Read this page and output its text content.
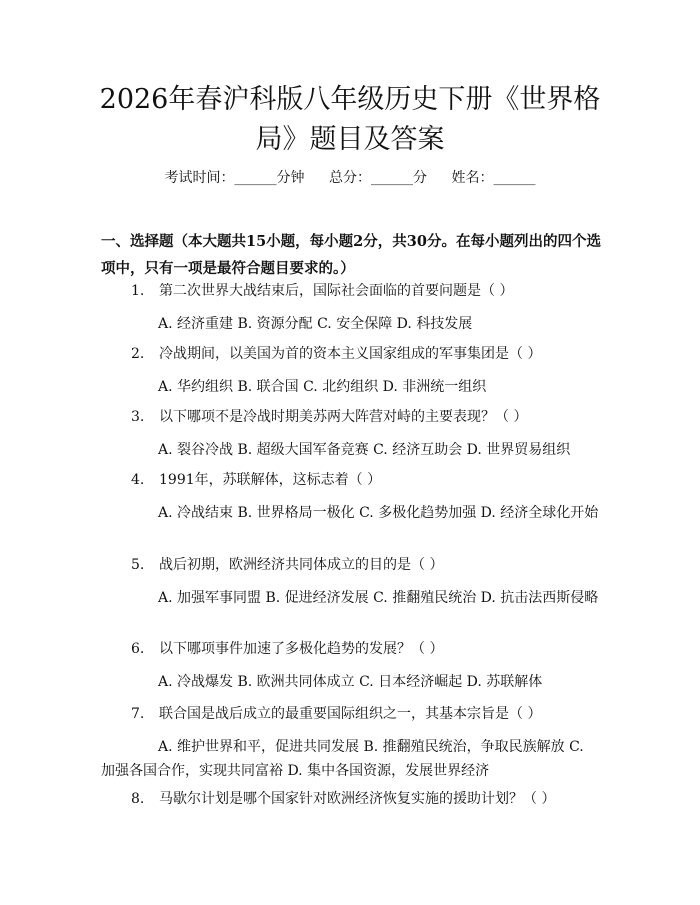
2026年春沪科版八年级历史下册《世界格局》题目及答案
考试时间：______分钟 总分：______分 姓名：______

一、选择题（本大题共15小题，每小题2分，共30分。在每小题列出的四个选项中，只有一项是最符合题目要求的。）

1.	第二次世界大战结束后，国际社会面临的首要问题是（ ）

A. 经济重建 B. 资源分配 C. 安全保障 D. 科技发展

2.	冷战期间，以美国为首的资本主义国家组成的军事集团是（ ）

A. 华约组织 B. 联合国 C. 北约组织 D. 非洲统一组织

3.	以下哪项不是冷战时期美苏两大阵营对峙的主要表现？（ ）

A. 裂谷冷战 B. 超级大国军备竞赛 C. 经济互助会 D. 世界贸易组织

4.	1991年，苏联解体，这标志着（ ）

A. 冷战结束 B. 世界格局一极化 C. 多极化趋势加强 D. 经济全球化开始

5.	战后初期，欧洲经济共同体成立的目的是（ ）

A. 加强军事同盟 B. 促进经济发展 C. 推翻殖民统治 D. 抗击法西斯侵略

6.	以下哪项事件加速了多极化趋势的发展？（ ）

A. 冷战爆发 B. 欧洲共同体成立 C. 日本经济崛起 D. 苏联解体

7.	联合国是战后成立的最重要国际组织之一，其基本宗旨是（ ）

A. 维护世界和平，促进共同发展 B. 推翻殖民统治，争取民族解放 C. 加强各国合作，实现共同富裕 D. 集中各国资源，发展世界经济

8.	马歇尔计划是哪个国家针对欧洲经济恢复实施的援助计划？（ ）
